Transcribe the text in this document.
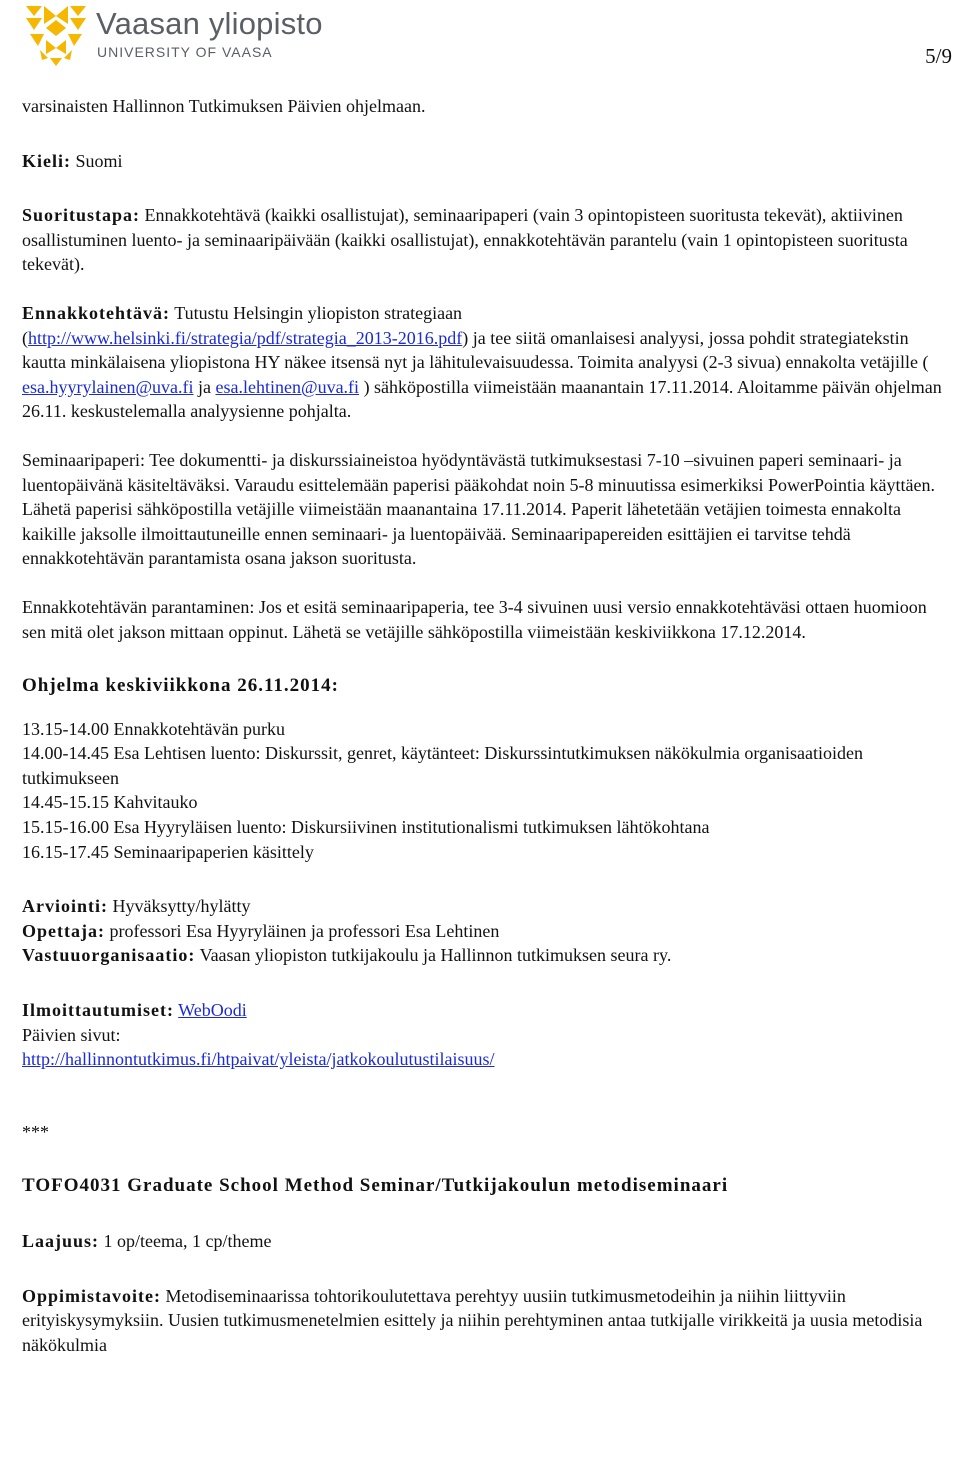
Vaasan yliopisto
UNIVERSITY OF VAASA	5/9

varsinaisten Hallinnon Tutkimuksen Päivien ohjelmaan.

Kieli: Suomi

Suoritustapa: Ennakkotehtävä (kaikki osallistujat), seminaaripaperi (vain 3 opintopisteen suoritusta tekevät), aktiivinen osallistuminen luento- ja seminaaripäivään (kaikki osallistujat), ennakkotehtävän parantelu (vain 1 opintopisteen suoritusta tekevät).

Ennakkotehtävä: Tutustu Helsingin yliopiston strategiaan
(http://www.helsinki.fi/strategia/pdf/strategia_2013-2016.pdf) ja tee siitä omanlaisesi analyysi, jossa pohdit strategiatekstin kautta minkälaisena yliopistona HY näkee itsensä nyt ja lähitulevaisuudessa. Toimita analyysi (2-3 sivua) ennakolta vetäjille ( esa.hyyrylainen@uva.fi ja esa.lehtinen@uva.fi ) sähköpostilla viimeistään maanantain 17.11.2014. Aloitamme päivän ohjelman 26.11. keskustelemalla analyysienne pohjalta.

Seminaaripaperi: Tee dokumentti- ja diskurssiaineistoa hyödyntävästä tutkimuksestasi 7-10 –sivuinen paperi seminaari- ja luentopäivänä käsiteltäväksi. Varaudu esittelemään paperisi pääkohdat noin 5-8 minuutissa esimerkiksi PowerPointia käyttäen. Lähetä paperisi sähköpostilla vetäjille viimeistään maanantaina 17.11.2014. Paperit lähetetään vetäjien toimesta ennakolta kaikille jaksolle ilmoittautuneille ennen seminaari- ja luentopäivää. Seminaaripapereiden esittäjien ei tarvitse tehdä ennakkotehtävän parantamista osana jakson suoritusta.

Ennakkotehtävän parantaminen: Jos et esitä seminaaripaperia, tee 3-4 sivuinen uusi versio ennakkotehtäväsi ottaen huomioon sen mitä olet jakson mittaan oppinut. Lähetä se vetäjille sähköpostilla viimeistään keskiviikkona 17.12.2014.

Ohjelma keskiviikkona 26.11.2014:

13.15-14.00 Ennakkotehtävän purku

14.00-14.45 Esa Lehtisen luento: Diskurssit, genret, käytänteet: Diskurssintutkimuksen näkökulmia organisaatioiden tutkimukseen

14.45-15.15 Kahvitauko

15.15-16.00 Esa Hyyryläisen luento: Diskursiivinen institutionalismi tutkimuksen lähtökohtana

16.15-17.45 Seminaaripaperien käsittely

Arviointi: Hyväksytty/hylätty

Opettaja: professori Esa Hyyryläinen ja professori Esa Lehtinen

Vastuuorganisaatio: Vaasan yliopiston tutkijakoulu ja Hallinnon tutkimuksen seura ry.

Ilmoittautumiset: WebOodi

Päivien sivut:

http://hallinnontutkimus.fi/htpaivat/yleista/jatkokoulutustilaisuus/

***

TOFO4031 Graduate School Method Seminar/Tutkijakoulun metodiseminaari

Laajuus: 1 op/teema, 1 cp/theme

Oppimistavoite: Metodiseminaarissa tohtorikoulutettava perehtyy uusiin tutkimusmetodeihin ja niihin liittyviin erityiskysymyksiin. Uusien tutkimusmenetelmien esittely ja niihin perehtyminen antaa tutkijalle virikkeitä ja uusia metodisia näkökulmia
